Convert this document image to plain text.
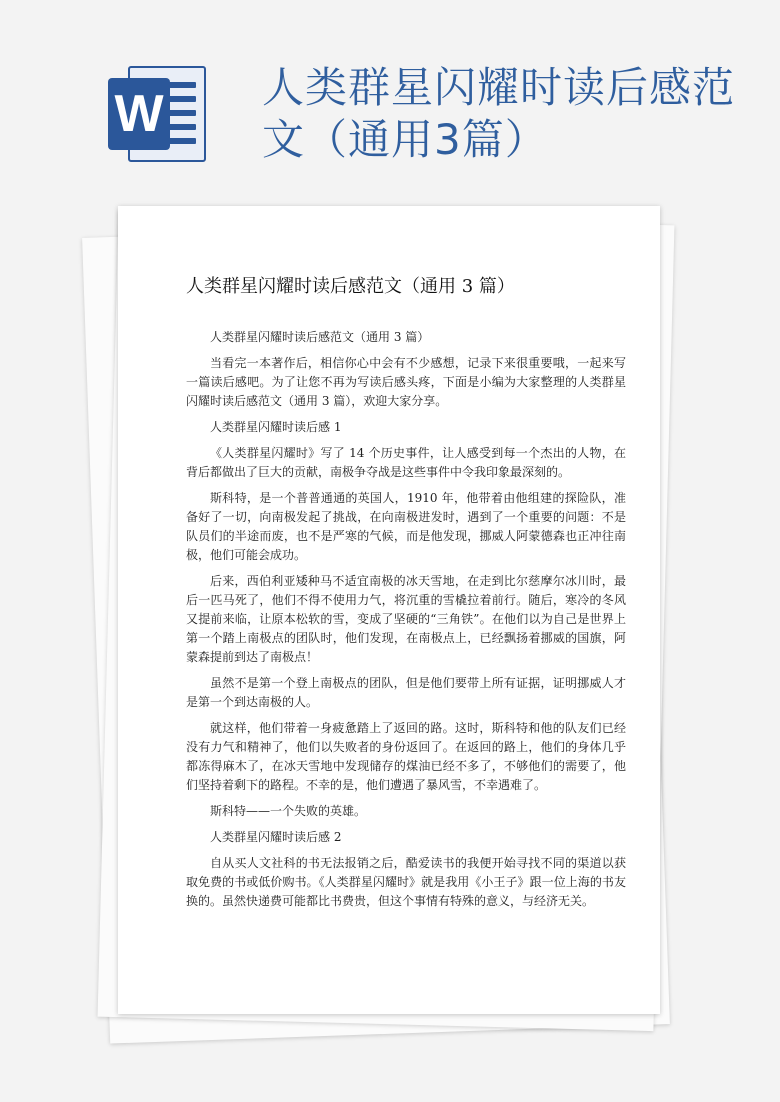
W 人类群星闪耀时读后感范文（通用3篇）
人类群星闪耀时读后感范文（通用 3 篇）

人类群星闪耀时读后感范文（通用 3 篇）

当看完一本著作后，相信你心中会有不少感想，记录下来很重要哦，一起来写一篇读后感吧。为了让您不再为写读后感头疼，下面是小编为大家整理的人类群星闪耀时读后感范文（通用 3 篇），欢迎大家分享。

人类群星闪耀时读后感 1

《人类群星闪耀时》写了 14 个历史事件，让人感受到每一个杰出的人物，在背后都做出了巨大的贡献，南极争夺战是这些事件中令我印象最深刻的。

斯科特，是一个普普通通的英国人，1910 年，他带着由他组建的探险队，准备好了一切，向南极发起了挑战，在向南极进发时，遇到了一个重要的问题：不是队员们的半途而废，也不是严寒的气候，而是他发现，挪威人阿蒙德森也正冲往南极，他们可能会成功。

后来，西伯利亚矮种马不适宜南极的冰天雪地，在走到比尔慈摩尔冰川时，最后一匹马死了，他们不得不使用力气，将沉重的雪橇拉着前行。随后，寒冷的冬风又提前来临，让原本松软的雪，变成了坚硬的“三角铁”。在他们以为自己是世界上第一个踏上南极点的团队时，他们发现，在南极点上，已经飘扬着挪威的国旗，阿蒙森提前到达了南极点！

虽然不是第一个登上南极点的团队，但是他们要带上所有证据，证明挪威人才是第一个到达南极的人。

就这样，他们带着一身疲惫踏上了返回的路。这时，斯科特和他的队友们已经没有力气和精神了，他们以失败者的身份返回了。在返回的路上，他们的身体几乎都冻得麻木了，在冰天雪地中发现储存的煤油已经不多了，不够他们的需要了，他们坚持着剩下的路程。不幸的是，他们遭遇了暴风雪，不幸遇难了。

斯科特——一个失败的英雄。

人类群星闪耀时读后感 2

自从买人文社科的书无法报销之后，酷爱读书的我便开始寻找不同的渠道以获取免费的书或低价购书。《人类群星闪耀时》就是我用《小王子》跟一位上海的书友换的。虽然快递费可能都比书费贵，但这个事情有特殊的意义，与经济无关。
